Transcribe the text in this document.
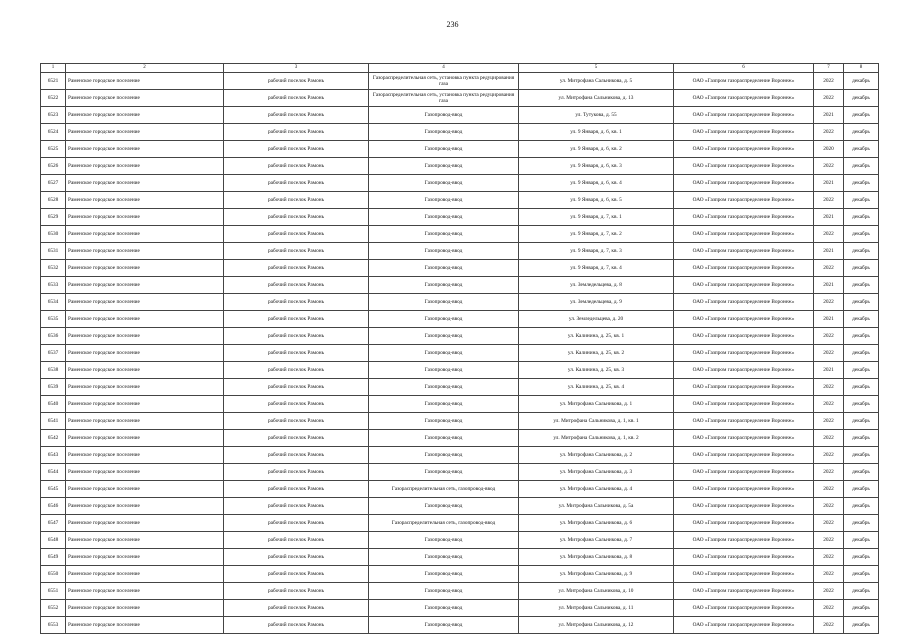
236
1	2	3	4	5	6	7	8
6521	Раменское городское поселение	рабочий поселок Рамонь	Газораспределительная сеть, установка пункта редуцирования газа	ул. Митрофана Сальникова, д. 5	ОАО «Газпром газораспределение Воронеж»	2022	декабрь
6522	Раменское городское поселение	рабочий поселок Рамонь	Газораспределительная сеть, установка пункта редуцирования газа	ул. Митрофана Сальникова, д. 13	ОАО «Газпром газораспределение Воронеж»	2022	декабрь
6523	Раменское городское поселение	рабочий поселок Рамонь	Газопровод-ввод	ул. Тутукова, д. 55	ОАО «Газпром газораспределение Воронеж»	2021	декабрь
6524	Раменское городское поселение	рабочий поселок Рамонь	Газопровод-ввод	ул. 9 Января, д. 6, кв. 1	ОАО «Газпром газораспределение Воронеж»	2022	декабрь
6525	Раменское городское поселение	рабочий поселок Рамонь	Газопровод-ввод	ул. 9 Января, д. 6, кв. 2	ОАО «Газпром газораспределение Воронеж»	2020	декабрь
6526	Раменское городское поселение	рабочий поселок Рамонь	Газопровод-ввод	ул. 9 Января, д. 6, кв. 3	ОАО «Газпром газораспределение Воронеж»	2022	декабрь
6527	Раменское городское поселение	рабочий поселок Рамонь	Газопровод-ввод	ул. 9 Января, д. 6, кв. 4	ОАО «Газпром газораспределение Воронеж»	2021	декабрь
6528	Раменское городское поселение	рабочий поселок Рамонь	Газопровод-ввод	ул. 9 Января, д. 6, кв. 5	ОАО «Газпром газораспределение Воронеж»	2022	декабрь
6529	Раменское городское поселение	рабочий поселок Рамонь	Газопровод-ввод	ул. 9 Января, д. 7, кв. 1	ОАО «Газпром газораспределение Воронеж»	2021	декабрь
6530	Раменское городское поселение	рабочий поселок Рамонь	Газопровод-ввод	ул. 9 Января, д. 7, кв. 2	ОАО «Газпром газораспределение Воронеж»	2022	декабрь
6531	Раменское городское поселение	рабочий поселок Рамонь	Газопровод-ввод	ул. 9 Января, д. 7, кв. 3	ОАО «Газпром газораспределение Воронеж»	2021	декабрь
6532	Раменское городское поселение	рабочий поселок Рамонь	Газопровод-ввод	ул. 9 Января, д. 7, кв. 4	ОАО «Газпром газораспределение Воронеж»	2022	декабрь
6533	Раменское городское поселение	рабочий поселок Рамонь	Газопровод-ввод	ул. Земледельцева, д. 8	ОАО «Газпром газораспределение Воронеж»	2021	декабрь
6534	Раменское городское поселение	рабочий поселок Рамонь	Газопровод-ввод	ул. Земледельцева, д. 9	ОАО «Газпром газораспределение Воронеж»	2022	декабрь
6535	Раменское городское поселение	рабочий поселок Рамонь	Газопровод-ввод	ул. Земледельцева, д. 20	ОАО «Газпром газораспределение Воронеж»	2021	декабрь
6536	Раменское городское поселение	рабочий поселок Рамонь	Газопровод-ввод	ул. Калинина, д. 25, кв. 1	ОАО «Газпром газораспределение Воронеж»	2022	декабрь
6537	Раменское городское поселение	рабочий поселок Рамонь	Газопровод-ввод	ул. Калинина, д. 25, кв. 2	ОАО «Газпром газораспределение Воронеж»	2022	декабрь
6538	Раменское городское поселение	рабочий поселок Рамонь	Газопровод-ввод	ул. Калинина, д. 25, кв. 3	ОАО «Газпром газораспределение Воронеж»	2021	декабрь
6539	Раменское городское поселение	рабочий поселок Рамонь	Газопровод-ввод	ул. Калинина, д. 25, кв. 4	ОАО «Газпром газораспределение Воронеж»	2022	декабрь
6540	Раменское городское поселение	рабочий поселок Рамонь	Газопровод-ввод	ул. Митрофана Сальникова, д. 1	ОАО «Газпром газораспределение Воронеж»	2022	декабрь
6541	Раменское городское поселение	рабочий поселок Рамонь	Газопровод-ввод	ул. Митрофана Сальникова, д. 1, кв. 1	ОАО «Газпром газораспределение Воронеж»	2022	декабрь
6542	Раменское городское поселение	рабочий поселок Рамонь	Газопровод-ввод	ул. Митрофана Сальникова, д. 1, кв. 2	ОАО «Газпром газораспределение Воронеж»	2022	декабрь
6543	Раменское городское поселение	рабочий поселок Рамонь	Газопровод-ввод	ул. Митрофана Сальникова, д. 2	ОАО «Газпром газораспределение Воронеж»	2022	декабрь
6544	Раменское городское поселение	рабочий поселок Рамонь	Газопровод-ввод	ул. Митрофана Сальникова, д. 3	ОАО «Газпром газораспределение Воронеж»	2022	декабрь
6545	Раменское городское поселение	рабочий поселок Рамонь	Газораспределительная сеть, газопровод-ввод	ул. Митрофана Сальникова, д. 4	ОАО «Газпром газораспределение Воронеж»	2022	декабрь
6546	Раменское городское поселение	рабочий поселок Рамонь	Газопровод-ввод	ул. Митрофана Сальникова, д. 5а	ОАО «Газпром газораспределение Воронеж»	2022	декабрь
6547	Раменское городское поселение	рабочий поселок Рамонь	Газораспределительная сеть, газопровод-ввод	ул. Митрофана Сальникова, д. 6	ОАО «Газпром газораспределение Воронеж»	2022	декабрь
6548	Раменское городское поселение	рабочий поселок Рамонь	Газопровод-ввод	ул. Митрофана Сальникова, д. 7	ОАО «Газпром газораспределение Воронеж»	2022	декабрь
6549	Раменское городское поселение	рабочий поселок Рамонь	Газопровод-ввод	ул. Митрофана Сальникова, д. 8	ОАО «Газпром газораспределение Воронеж»	2022	декабрь
6550	Раменское городское поселение	рабочий поселок Рамонь	Газопровод-ввод	ул. Митрофана Сальникова, д. 9	ОАО «Газпром газораспределение Воронеж»	2022	декабрь
6551	Раменское городское поселение	рабочий поселок Рамонь	Газопровод-ввод	ул. Митрофана Сальникова, д. 10	ОАО «Газпром газораспределение Воронеж»	2022	декабрь
6552	Раменское городское поселение	рабочий поселок Рамонь	Газопровод-ввод	ул. Митрофана Сальникова, д. 11	ОАО «Газпром газораспределение Воронеж»	2022	декабрь
6553	Раменское городское поселение	рабочий поселок Рамонь	Газопровод-ввод	ул. Митрофана Сальникова, д. 12	ОАО «Газпром газораспределение Воронеж»	2022	декабрь
